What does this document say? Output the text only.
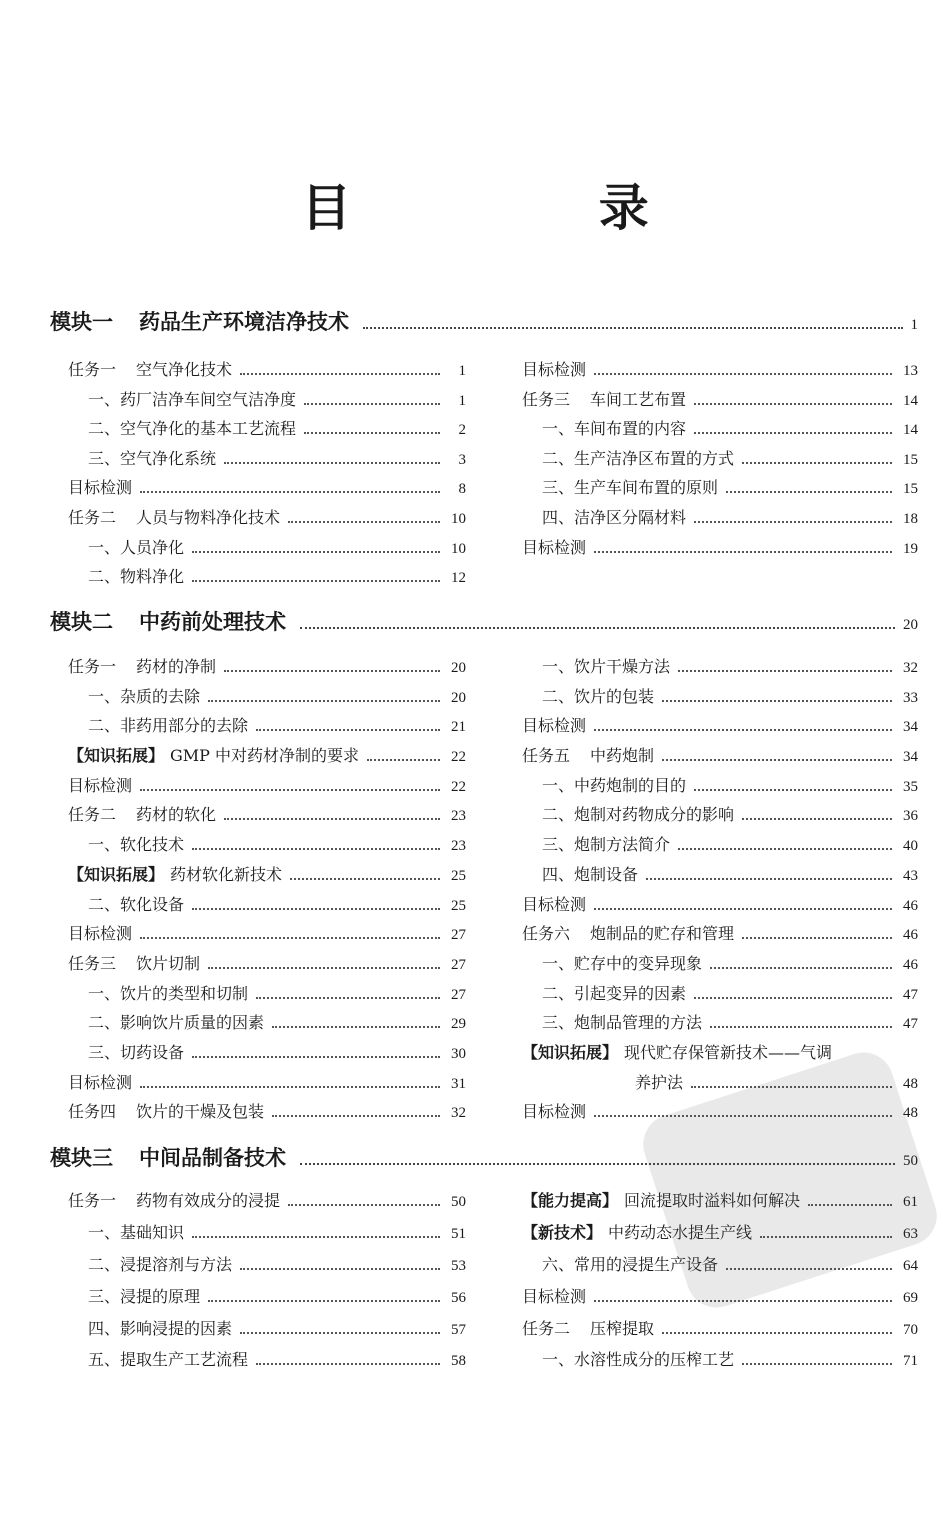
目 录
模块一 药品生产环境洁净技术	1
任务一 空气净化技术	1
一、药厂洁净车间空气洁净度	1
二、空气净化的基本工艺流程	2
三、空气净化系统	3
目标检测	8
任务二 人员与物料净化技术	10
一、人员净化	10
二、物料净化	12
目标检测	13
任务三 车间工艺布置	14
一、车间布置的内容	14
二、生产洁净区布置的方式	15
三、生产车间布置的原则	15
四、洁净区分隔材料	18
目标检测	19
模块二 中药前处理技术	20
任务一 药材的净制	20
一、杂质的去除	20
二、非药用部分的去除	21
【知识拓展】 GMP 中对药材净制的要求	22
目标检测	22
任务二 药材的软化	23
一、软化技术	23
【知识拓展】 药材软化新技术	25
二、软化设备	25
目标检测	27
任务三 饮片切制	27
一、饮片的类型和切制	27
二、影响饮片质量的因素	29
三、切药设备	30
目标检测	31
任务四 饮片的干燥及包装	32
一、饮片干燥方法	32
二、饮片的包装	33
目标检测	34
任务五 中药炮制	34
一、中药炮制的目的	35
二、炮制对药物成分的影响	36
三、炮制方法简介	40
四、炮制设备	43
目标检测	46
任务六 炮制品的贮存和管理	46
一、贮存中的变异现象	46
二、引起变异的因素	47
三、炮制品管理的方法	47
【知识拓展】 现代贮存保管新技术——气调
养护法	48
目标检测	48
模块三 中间品制备技术	50
任务一 药物有效成分的浸提	50
一、基础知识	51
二、浸提溶剂与方法	53
三、浸提的原理	56
四、影响浸提的因素	57
五、提取生产工艺流程	58
【能力提高】 回流提取时溢料如何解决	61
【新技术】 中药动态水提生产线	63
六、常用的浸提生产设备	64
目标检测	69
任务二 压榨提取	70
一、水溶性成分的压榨工艺	71
